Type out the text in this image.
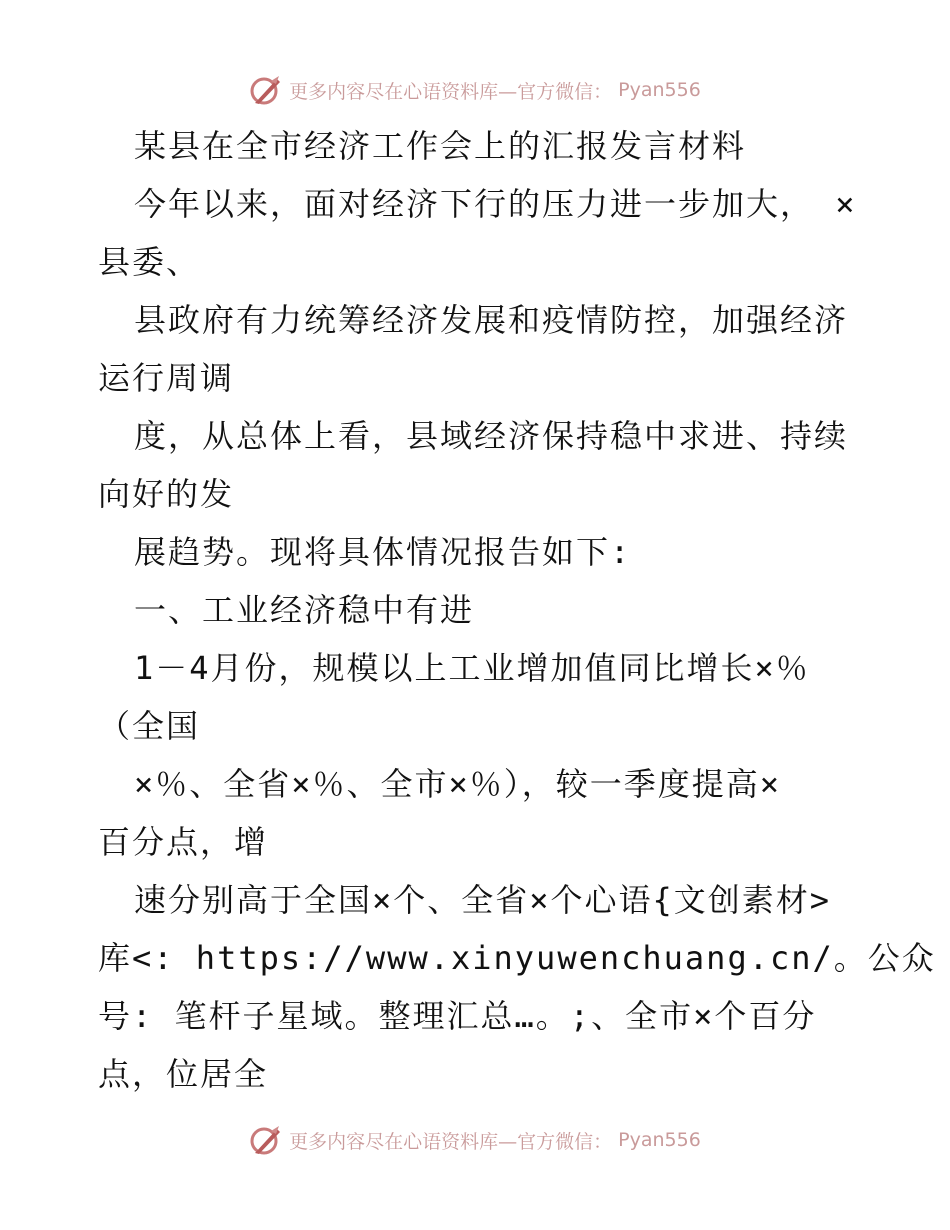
更多内容尽在心语资料库—官方微信： Pyan556
某县在全市经济工作会上的汇报发言材料
今年以来，面对经济下行的压力进一步加大， ×
县委、
县政府有力统筹经济发展和疫情防控，加强经济
运行周调
度，从总体上看，县域经济保持稳中求进、持续
向好的发
展趋势。现将具体情况报告如下:
一、工业经济稳中有进
1－4月份，规模以上工业增加值同比增长×％
（全国
×％、全省×％、全市×％），较一季度提高×
百分点，增
速分别高于全国×个、全省×个心语{文创素材>
库<: https://www.xinyuwenchuang.cn/。公众
号: 笔杆子星域。整理汇总…。;、全市×个百分
点，位居全
更多内容尽在心语资料库—官方微信： Pyan556
